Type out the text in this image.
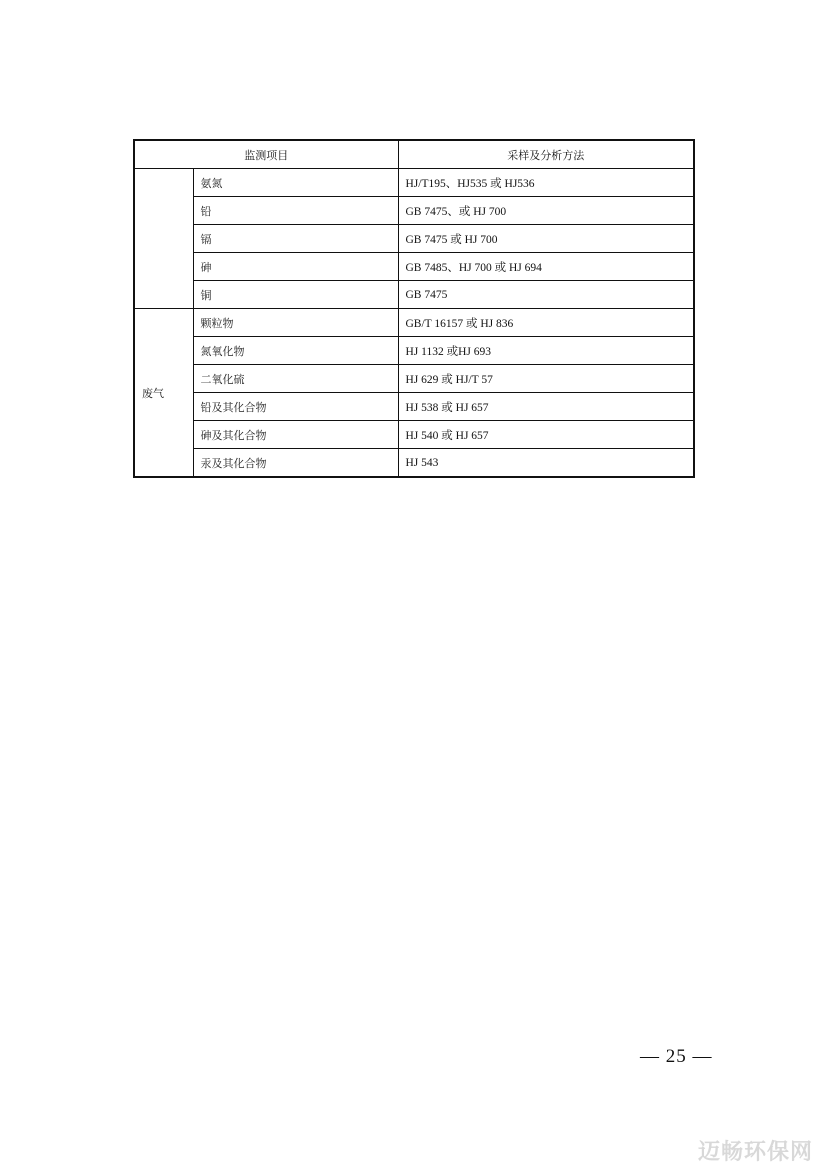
监测项目		采样及分析方法
	氨氮	HJ/T195、HJ535 或 HJ536
	铅	GB 7475、或 HJ 700
	镉	GB 7475 或 HJ 700
	砷	GB 7485、HJ 700 或 HJ 694
	铜	GB 7475
废气	颗粒物	GB/T 16157 或 HJ 836
	氮氧化物	HJ 1132 或HJ 693
	二氧化硫	HJ 629 或 HJ/T 57
	铅及其化合物	HJ 538 或 HJ 657
	砷及其化合物	HJ 540 或 HJ 657
	汞及其化合物	HJ 543
— 25 —
迈畅环保网
